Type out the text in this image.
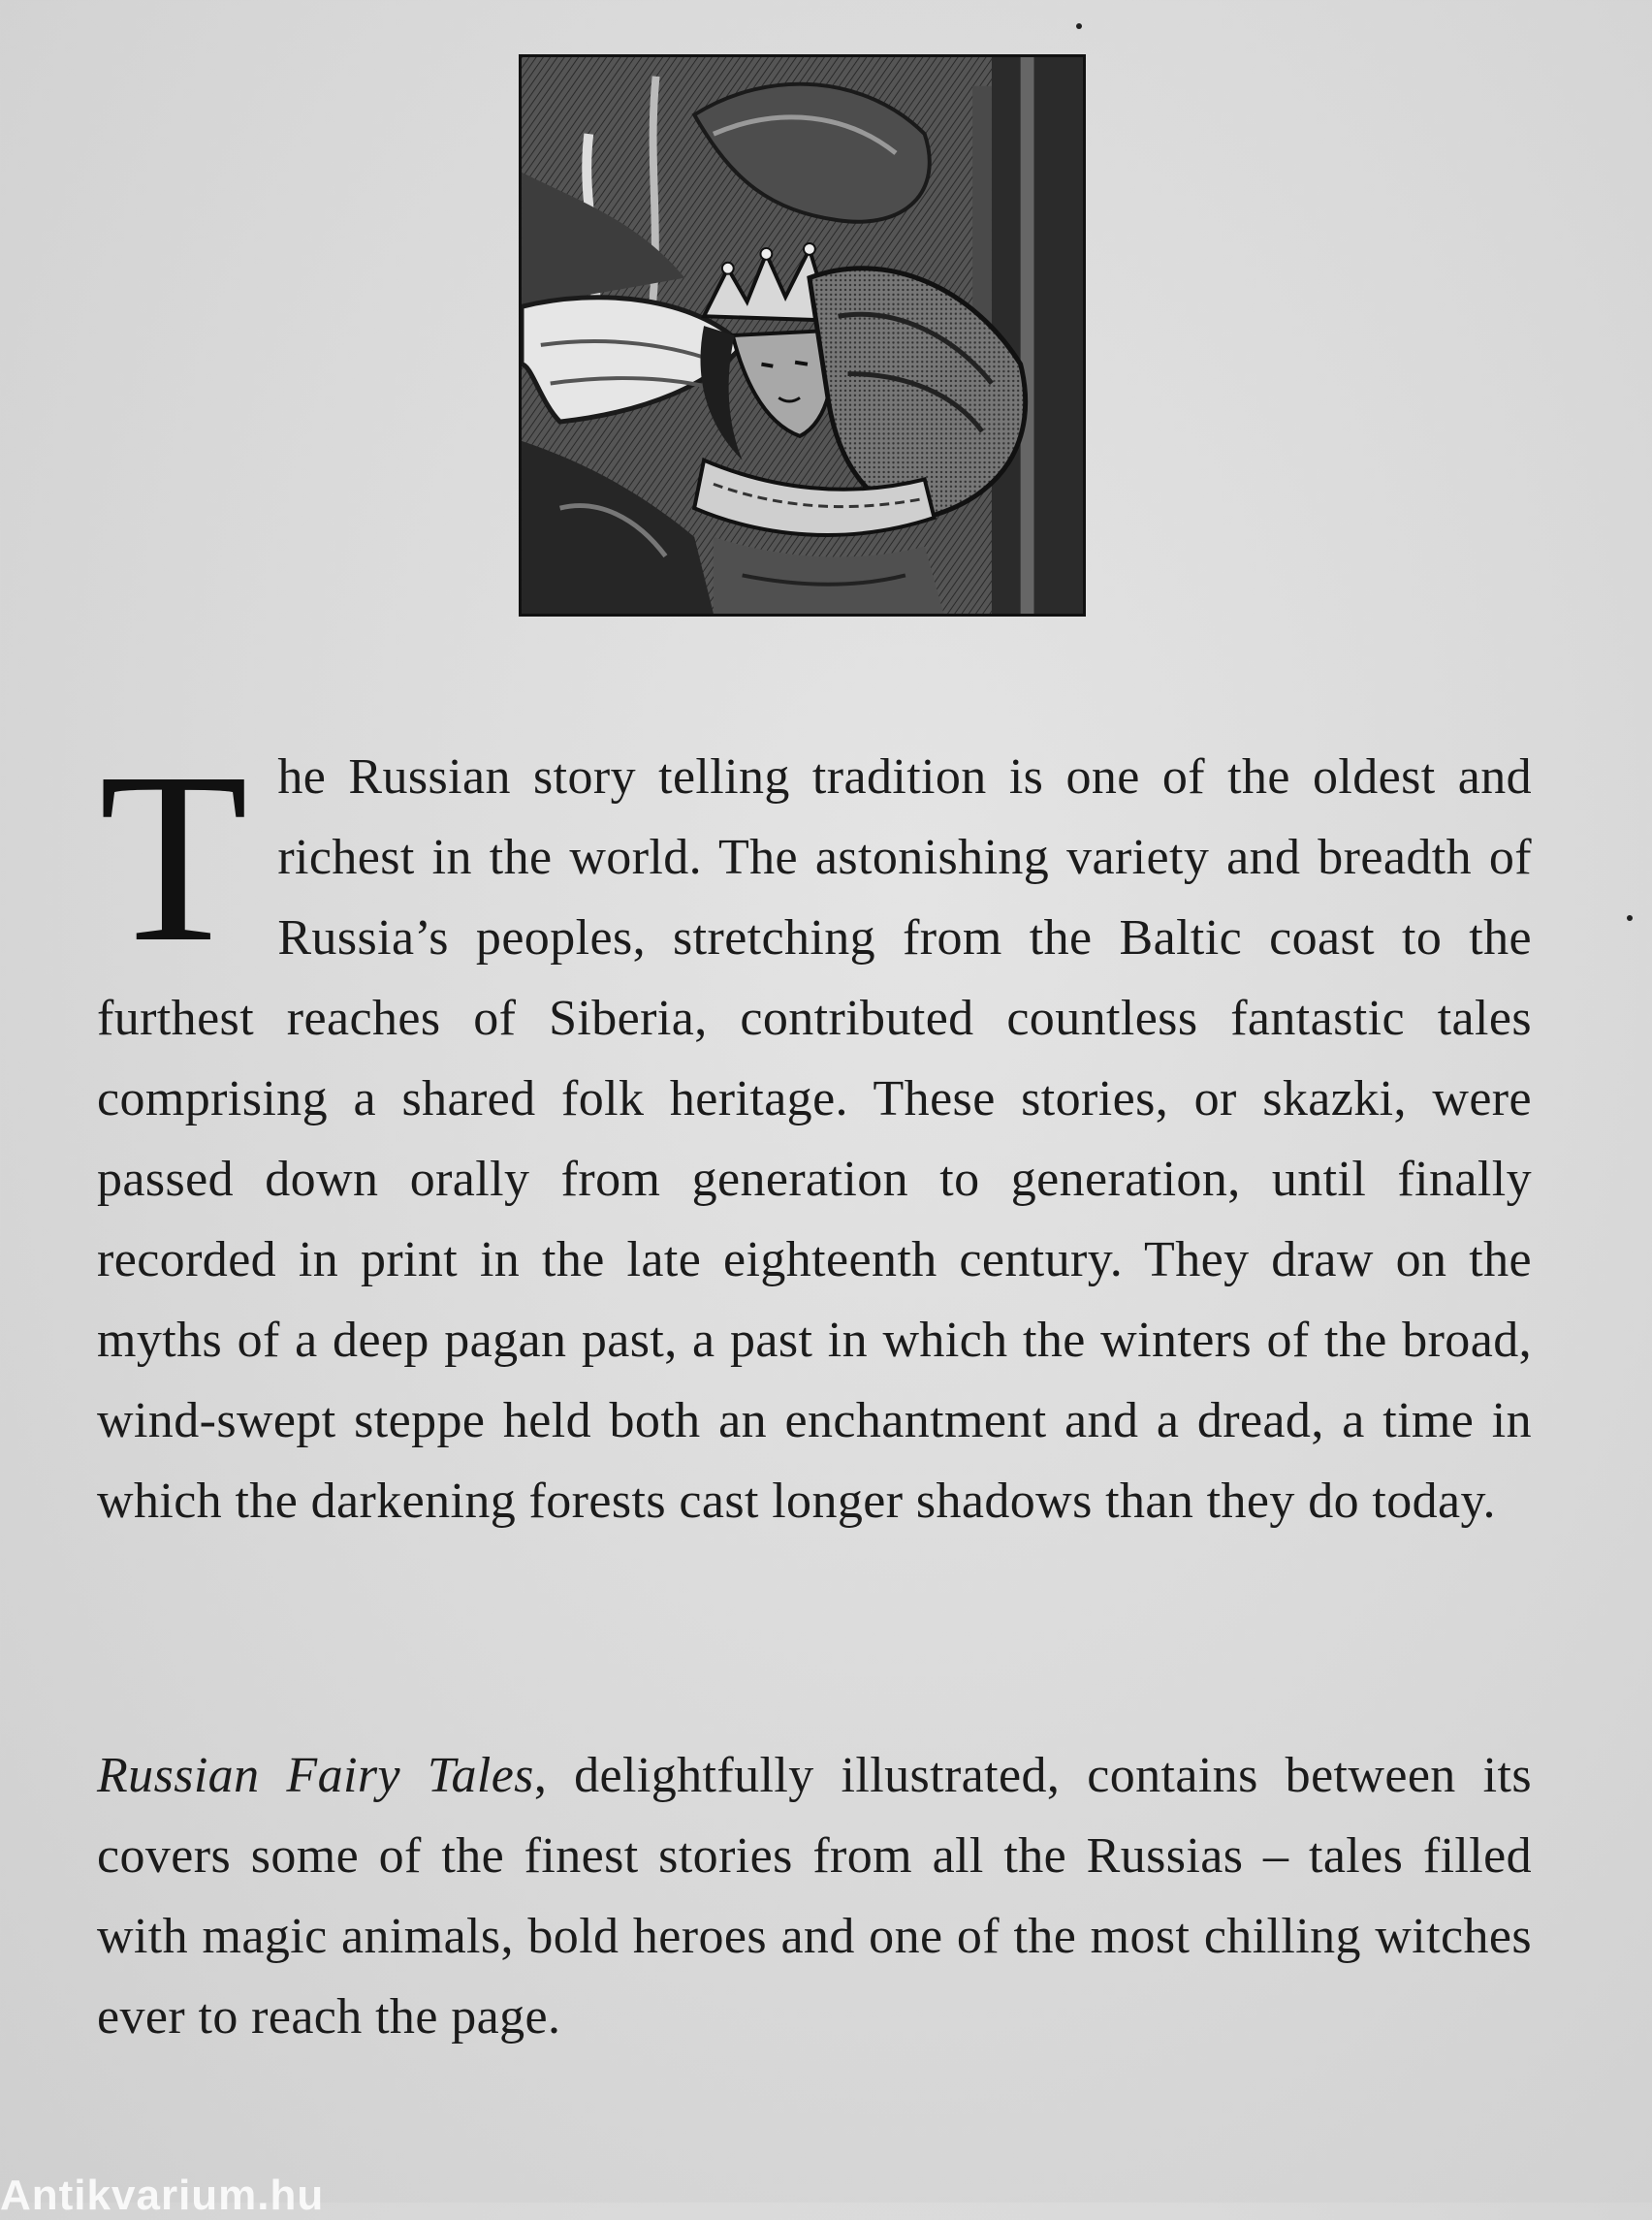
The Russian story telling tradition is one of the oldest and richest in the world. The astonishing variety and breadth of Russia’s peoples, stretching from the Baltic coast to the furthest reaches of Siberia, contributed countless fantastic tales comprising a shared folk heritage. These stories, or skazki, were passed down orally from generation to generation, until finally recorded in print in the late eighteenth century. They draw on the myths of a deep pagan past, a past in which the winters of the broad, wind-swept steppe held both an enchantment and a dread, a time in which the darkening forests cast longer shadows than they do today.
Russian Fairy Tales, delightfully illustrated, contains between its covers some of the finest stories from all the Russias – tales filled with magic animals, bold heroes and one of the most chilling witches ever to reach the page.
Antikvarium.hu
